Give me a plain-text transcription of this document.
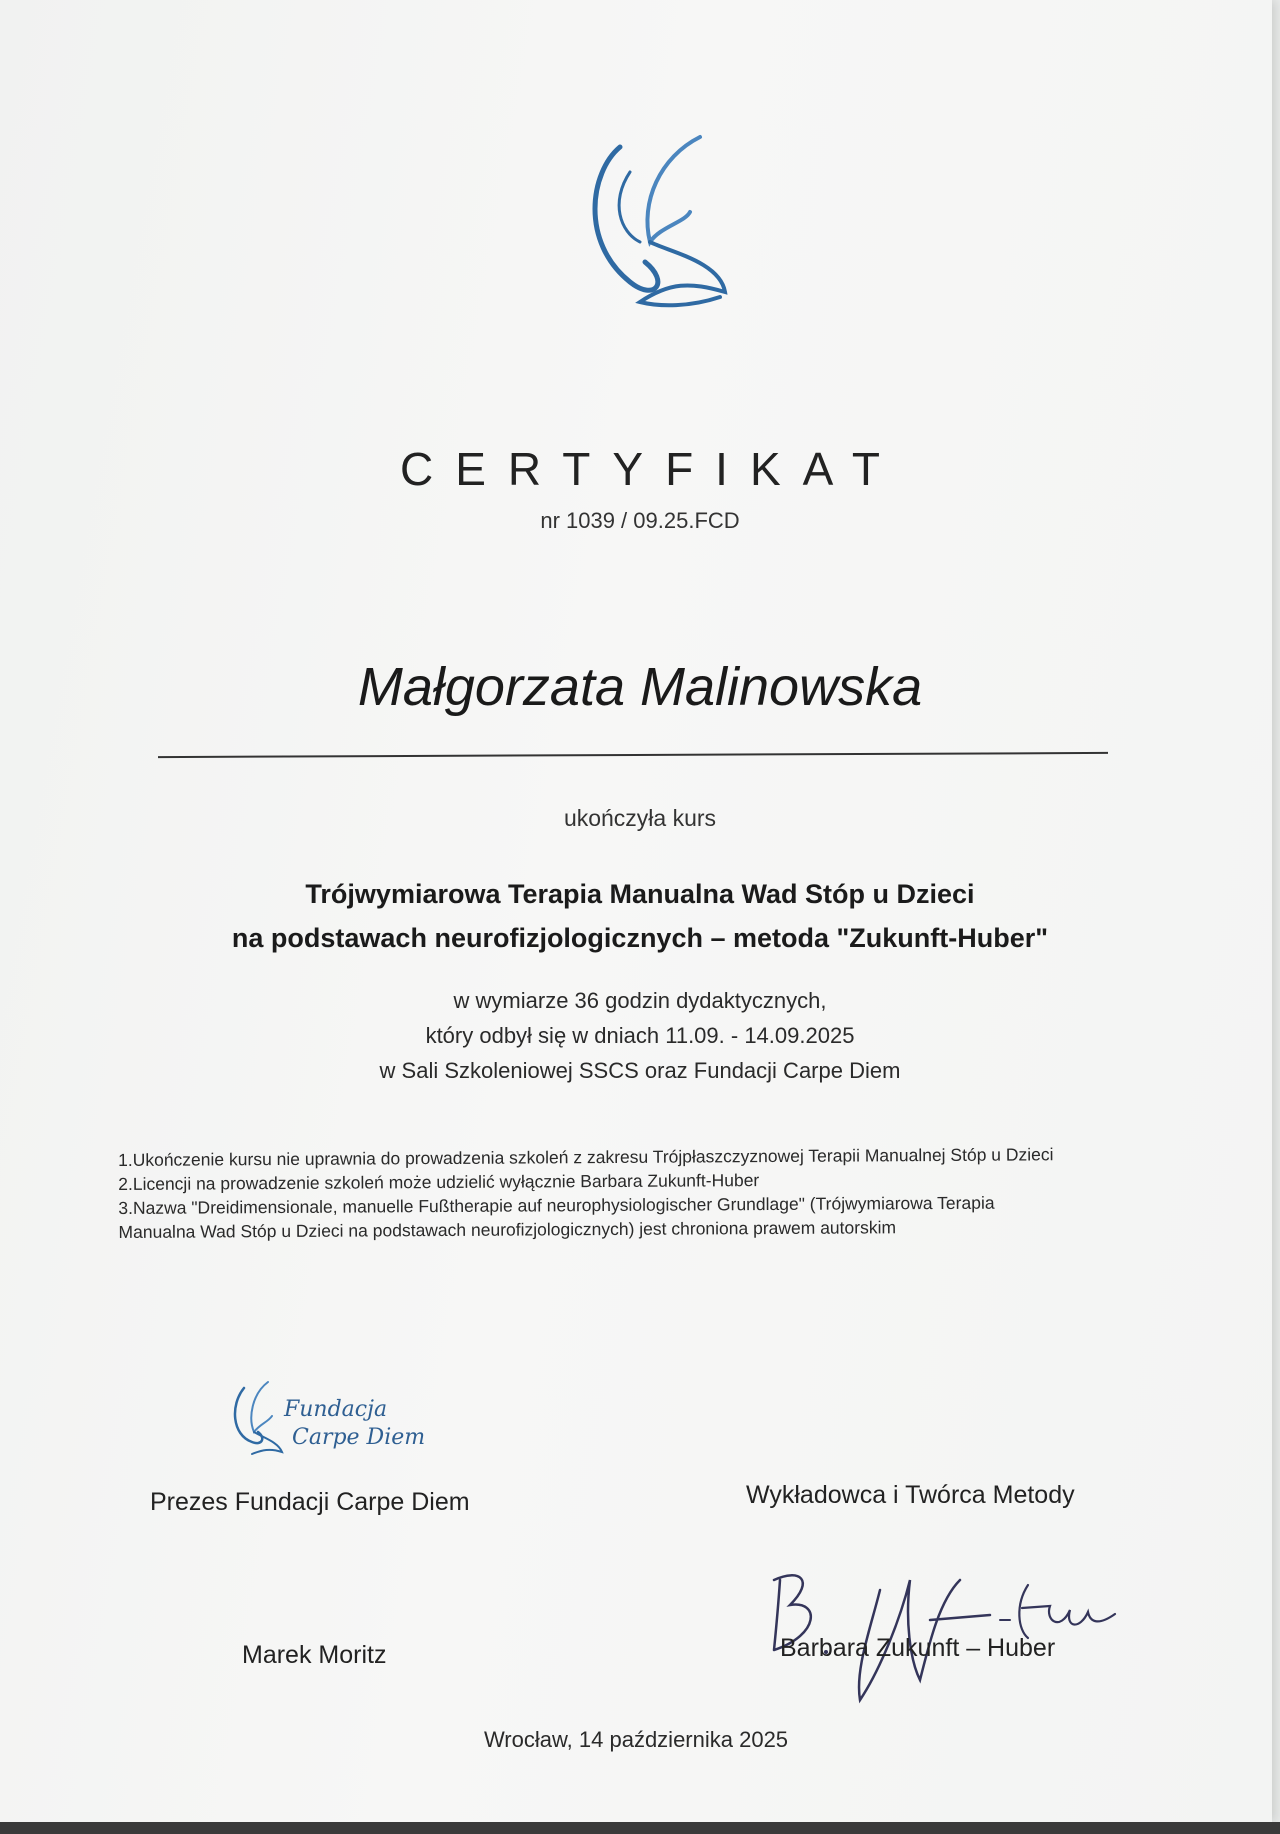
CERTYFIKAT
nr 1039 / 09.25.FCD
Małgorzata Malinowska
ukończyła kurs
Trójwymiarowa Terapia Manualna Wad Stóp u Dzieci
na podstawach neurofizjologicznych – metoda "Zukunft-Huber"
w wymiarze 36 godzin dydaktycznych,
który odbył się w dniach 11.09. - 14.09.2025
w Sali Szkoleniowej SSCS oraz Fundacji Carpe Diem
1.Ukończenie kursu nie uprawnia do prowadzenia szkoleń z zakresu Trójpłaszczyznowej Terapii Manualnej Stóp u Dzieci
2.Licencji na prowadzenie szkoleń może udzielić wyłącznie Barbara Zukunft-Huber
3.Nazwa "Dreidimensionale, manuelle Fußtherapie auf neurophysiologischer Grundlage" (Trójwymiarowa Terapia
Manualna Wad Stóp u Dzieci na podstawach neurofizjologicznych) jest chroniona prawem autorskim
Fundacja
Carpe Diem
Prezes Fundacji Carpe Diem	Wykładowca i Twórca Metody
Marek Moritz	Barbara Zukunft – Huber
Wrocław, 14 października 2025
